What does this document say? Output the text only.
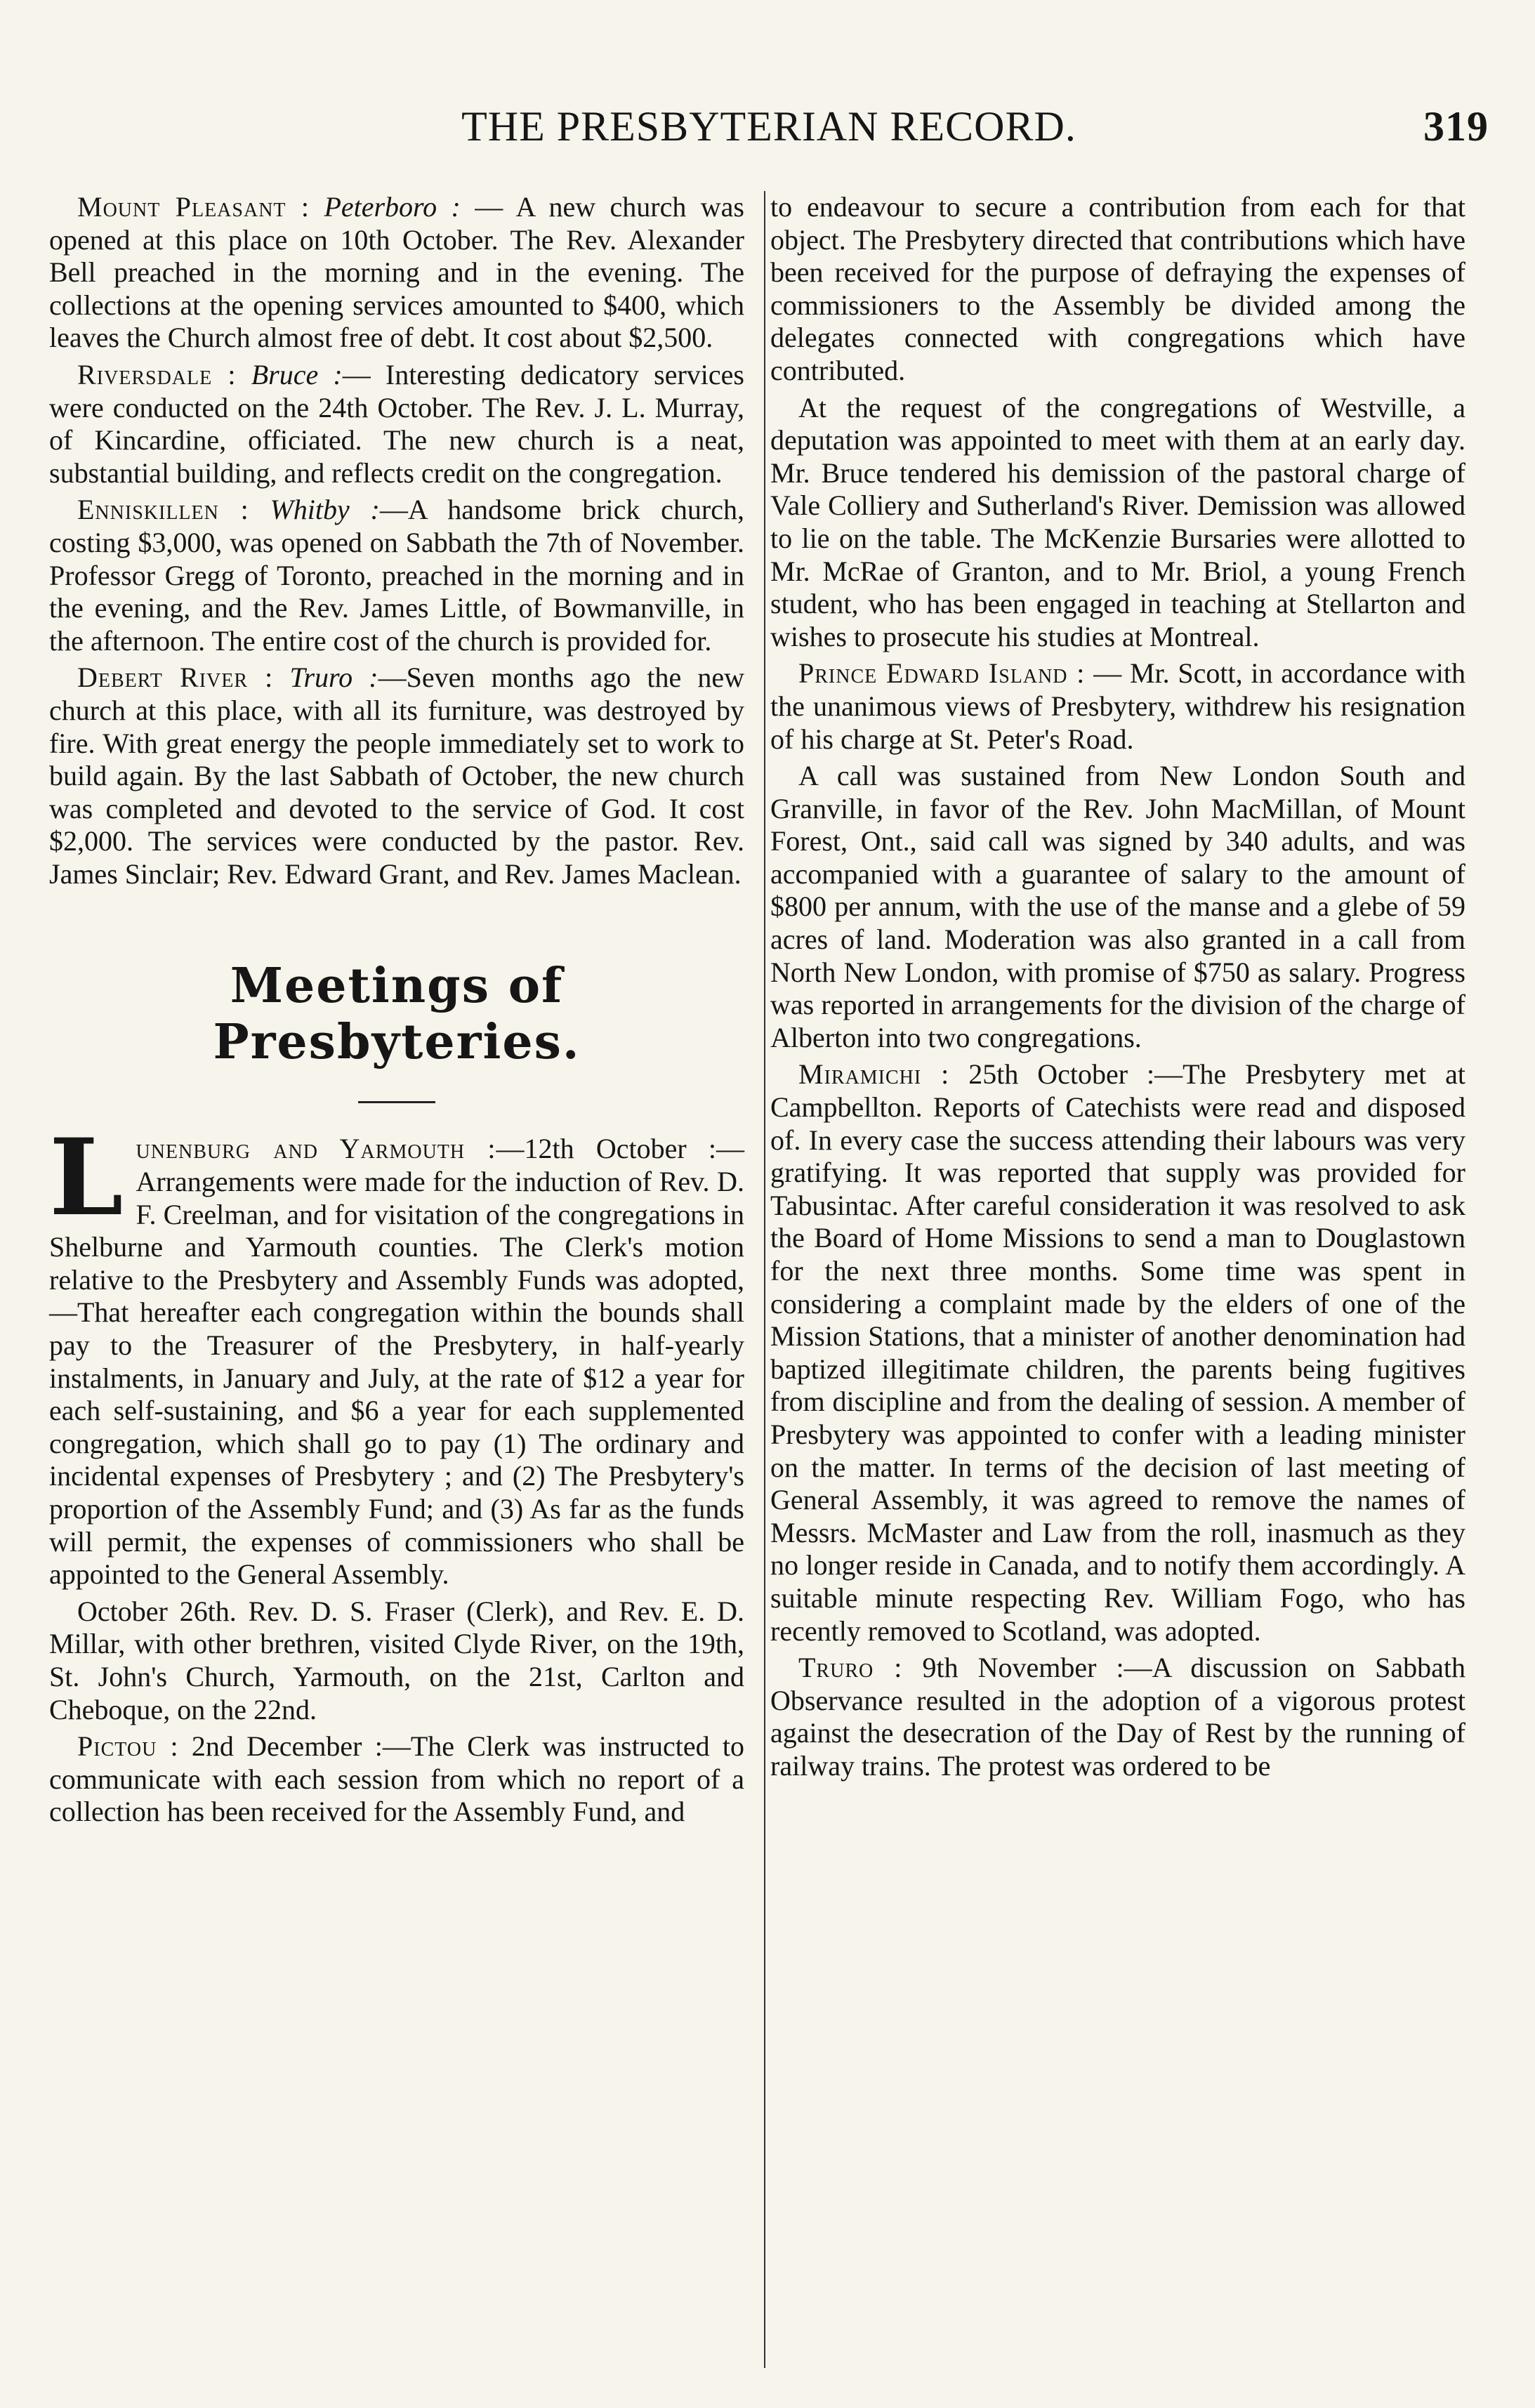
THE PRESBYTERIAN RECORD.	319

Mount Pleasant : Peterboro : — A new church was opened at this place on 10th October. The Rev. Alexander Bell preached in the morning and in the evening. The collections at the opening services amounted to $400, which leaves the Church almost free of debt. It cost about $2,500.

Riversdale : Bruce :— Interesting dedicatory services were conducted on the 24th October. The Rev. J. L. Murray, of Kincardine, officiated. The new church is a neat, substantial building, and reflects credit on the congregation.

Enniskillen : Whitby :—A handsome brick church, costing $3,000, was opened on Sabbath the 7th of November. Professor Gregg of Toronto, preached in the morning and in the evening, and the Rev. James Little, of Bowmanville, in the afternoon. The entire cost of the church is provided for.

Debert River : Truro :—Seven months ago the new church at this place, with all its furniture, was destroyed by fire. With great energy the people immediately set to work to build again. By the last Sabbath of October, the new church was completed and devoted to the service of God. It cost $2,000. The services were conducted by the pastor. Rev. James Sinclair; Rev. Edward Grant, and Rev. James Maclean.

Meetings of Presbyteries.

Lunenburg and Yarmouth :—12th October :—Arrangements were made for the induction of Rev. D. F. Creelman, and for visitation of the congregations in Shelburne and Yarmouth counties. The Clerk's motion relative to the Presbytery and Assembly Funds was adopted,—That hereafter each congregation within the bounds shall pay to the Treasurer of the Presbytery, in half-yearly instalments, in January and July, at the rate of $12 a year for each self-sustaining, and $6 a year for each supplemented congregation, which shall go to pay (1) The ordinary and incidental expenses of Presbytery ; and (2) The Presbytery's proportion of the Assembly Fund; and (3) As far as the funds will permit, the expenses of commissioners who shall be appointed to the General Assembly.

October 26th. Rev. D. S. Fraser (Clerk), and Rev. E. D. Millar, with other brethren, visited Clyde River, on the 19th, St. John's Church, Yarmouth, on the 21st, Carlton and Cheboque, on the 22nd.

Pictou : 2nd December :—The Clerk was instructed to communicate with each session from which no report of a collection has been received for the Assembly Fund, and

to endeavour to secure a contribution from each for that object. The Presbytery directed that contributions which have been received for the purpose of defraying the expenses of commissioners to the Assembly be divided among the delegates connected with congregations which have contributed.

At the request of the congregations of Westville, a deputation was appointed to meet with them at an early day. Mr. Bruce tendered his demission of the pastoral charge of Vale Colliery and Sutherland's River. Demission was allowed to lie on the table. The McKenzie Bursaries were allotted to Mr. McRae of Granton, and to Mr. Briol, a young French student, who has been engaged in teaching at Stellarton and wishes to prosecute his studies at Montreal.

Prince Edward Island : — Mr. Scott, in accordance with the unanimous views of Presbytery, withdrew his resignation of his charge at St. Peter's Road.

A call was sustained from New London South and Granville, in favor of the Rev. John MacMillan, of Mount Forest, Ont., said call was signed by 340 adults, and was accompanied with a guarantee of salary to the amount of $800 per annum, with the use of the manse and a glebe of 59 acres of land. Moderation was also granted in a call from North New London, with promise of $750 as salary. Progress was reported in arrangements for the division of the charge of Alberton into two congregations.

Miramichi : 25th October :—The Presbytery met at Campbellton. Reports of Catechists were read and disposed of. In every case the success attending their labours was very gratifying. It was reported that supply was provided for Tabusintac. After careful consideration it was resolved to ask the Board of Home Missions to send a man to Douglastown for the next three months. Some time was spent in considering a complaint made by the elders of one of the Mission Stations, that a minister of another denomination had baptized illegitimate children, the parents being fugitives from discipline and from the dealing of session. A member of Presbytery was appointed to confer with a leading minister on the matter. In terms of the decision of last meeting of General Assembly, it was agreed to remove the names of Messrs. McMaster and Law from the roll, inasmuch as they no longer reside in Canada, and to notify them accordingly. A suitable minute respecting Rev. William Fogo, who has recently removed to Scotland, was adopted.

Truro : 9th November :—A discussion on Sabbath Observance resulted in the adoption of a vigorous protest against the desecration of the Day of Rest by the running of railway trains. The protest was ordered to be
